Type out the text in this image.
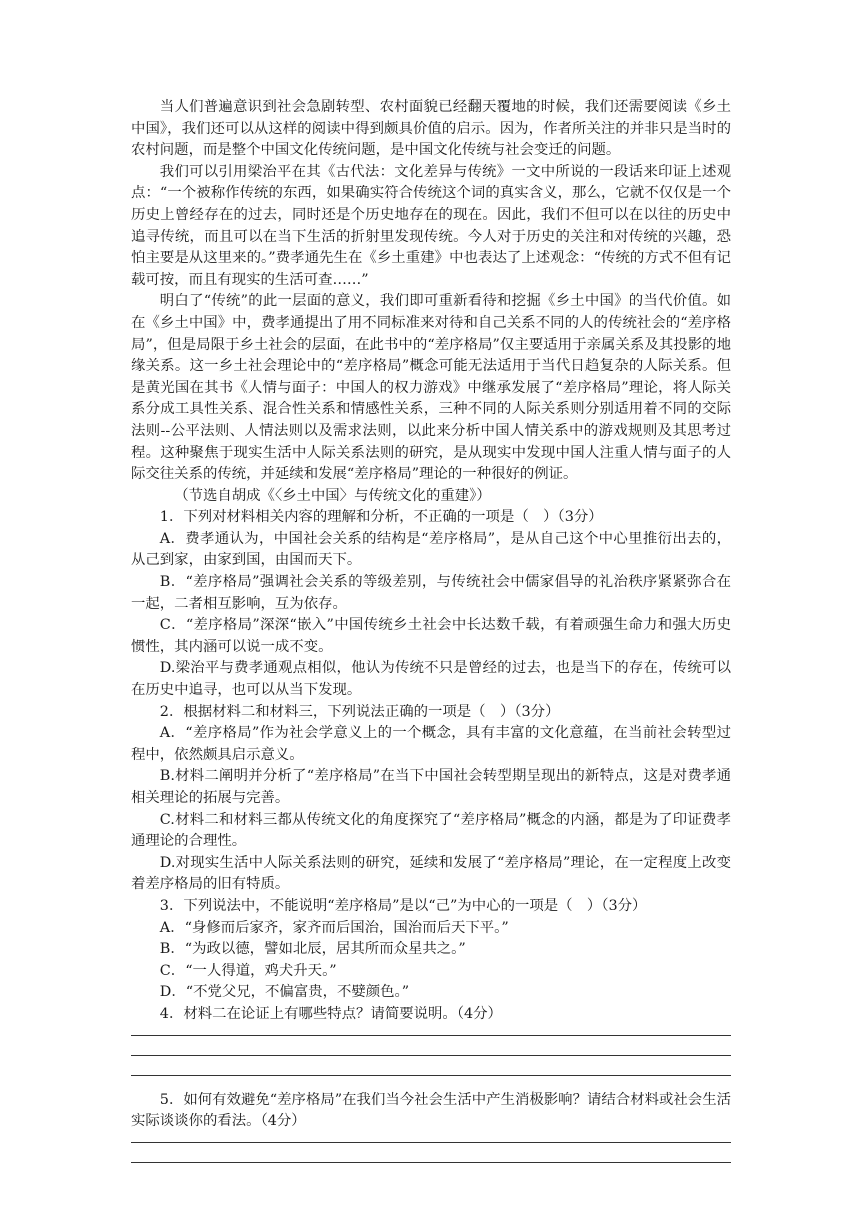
当人们普遍意识到社会急剧转型、农村面貌已经翻天覆地的时候，我们还需要阅读《乡土中国》，我们还可以从这样的阅读中得到颇具价值的启示。因为，作者所关注的并非只是当时的农村问题，而是整个中国文化传统问题，是中国文化传统与社会变迁的问题。

我们可以引用梁治平在其《古代法：文化差异与传统》一文中所说的一段话来印证上述观点：“一个被称作传统的东西，如果确实符合传统这个词的真实含义，那么，它就不仅仅是一个历史上曾经存在的过去，同时还是个历史地存在的现在。因此，我们不但可以在以往的历史中追寻传统，而且可以在当下生活的折射里发现传统。今人对于历史的关注和对传统的兴趣，恐怕主要是从这里来的。”费孝通先生在《乡土重建》中也表达了上述观念：“传统的方式不但有记载可按，而且有现实的生活可查……”

明白了“传统”的此一层面的意义，我们即可重新看待和挖掘《乡土中国》的当代价值。如在《乡土中国》中，费孝通提出了用不同标准来对待和自己关系不同的人的传统社会的“差序格局”，但是局限于乡土社会的层面，在此书中的“差序格局”仅主要适用于亲属关系及其投影的地缘关系。这一乡土社会理论中的“差序格局”概念可能无法适用于当代日趋复杂的人际关系。但是黄光国在其书《人情与面子：中国人的权力游戏》中继承发展了“差序格局”理论，将人际关系分成工具性关系、混合性关系和情感性关系，三种不同的人际关系则分别适用着不同的交际法则--公平法则、人情法则以及需求法则，以此来分析中国人情关系中的游戏规则及其思考过程。这种聚焦于现实生活中人际关系法则的研究，是从现实中发现中国人注重人情与面子的人际交往关系的传统，并延续和发展“差序格局”理论的一种很好的例证。

（节选自胡成《〈乡土中国〉与传统文化的重建》）

1．下列对材料相关内容的理解和分析，不正确的一项是（　）（3分）

A．费孝通认为，中国社会关系的结构是“差序格局”，是从自己这个中心里推衍出去的，从己到家，由家到国，由国而天下。

B．“差序格局”强调社会关系的等级差别，与传统社会中儒家倡导的礼治秩序紧紧弥合在一起，二者相互影响，互为依存。

C．“差序格局”深深“嵌入”中国传统乡土社会中长达数千载，有着顽强生命力和强大历史惯性，其内涵可以说一成不变。

D.梁治平与费孝通观点相似，他认为传统不只是曾经的过去，也是当下的存在，传统可以在历史中追寻，也可以从当下发现。

2．根据材料二和材料三，下列说法正确的一项是（　）（3分）

A．“差序格局”作为社会学意义上的一个概念，具有丰富的文化意蕴，在当前社会转型过程中，依然颇具启示意义。

B.材料二阐明并分析了“差序格局”在当下中国社会转型期呈现出的新特点，这是对费孝通相关理论的拓展与完善。

C.材料二和材料三都从传统文化的角度探究了“差序格局”概念的内涵，都是为了印证费孝通理论的合理性。

D.对现实生活中人际关系法则的研究，延续和发展了“差序格局”理论，在一定程度上改变着差序格局的旧有特质。

3．下列说法中，不能说明“差序格局”是以“己”为中心的一项是（　）（3分）

A．“身修而后家齐，家齐而后国治，国治而后天下平。”

B．“为政以德，譬如北辰，居其所而众星共之。”

C．“一人得道，鸡犬升天。”

D．“不党父兄，不偏富贵，不嬖颜色。”

4．材料二在论证上有哪些特点？请简要说明。（4分）

5．如何有效避免“差序格局”在我们当今社会生活中产生消极影响？请结合材料或社会生活实际谈谈你的看法。（4分）
